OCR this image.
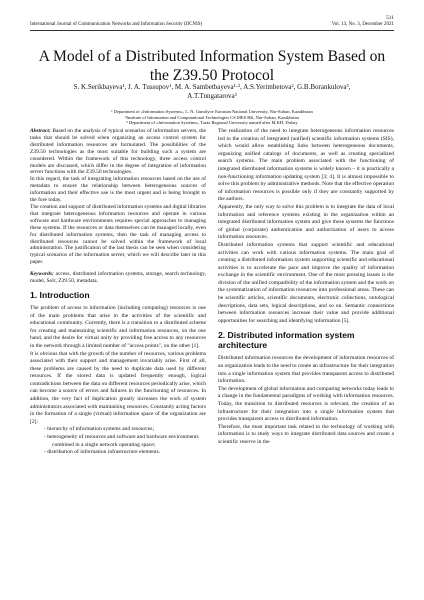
511
International Journal of Communication Networks and Information Security (IJCNIS)	Vol. 13, No. 3, December 2021
A Model of a Distributed Information System Based on the Z39.50 Protocol
S. K.Serikbayeva¹, J. A. Tussupov¹, M. A. Sambetbayeva¹·², A.S.Yerimbetova², G.B.Borankulova³,
A.T.Tungatarova³
¹ Department of «Information Systems», L. N. Gumilyov Eurasian National University, Nur-Sultan, Kazakhstan
²Institute of Information and Computational Technologies CS MES RK, Nur-Sultan, Kazakhstan
³ Department of «Information Systems», Taraz Regional University named after M.KH. Dulaty

Abstract: Based on the analysis of typical scenarios of information servers, the tasks that should be solved when organizing an access control system for distributed information resources are formulated. The possibilities of the Z39.50 technologies as the most suitable for building such a system are considered. Within the framework of this technology, three access control models are discussed, which differ in the degree of integration of information server functions with the Z39.50 technologies.

In this regard, the task of integrating information resources based on the use of metadata to ensure the relationship between heterogeneous sources of information and their effective use is the most urgent and is being brought to the fore today.

The creation and support of distributed information systems and digital libraries that integrate heterogeneous information resources and operate in various software and hardware environments requires special approaches to managing these systems. If the resources or data themselves can be managed locally, even for distributed information systems, then the task of managing access to distributed resources cannot be solved within the framework of local administration. The justification of the last thesis can be seen when considering typical scenarios of the information server, which we will describe later in this paper.

Keywords: access, distributed information systems, storage, search technology, model, Solr, Z39.50, metadata.

1. Introduction

The problem of access to information (including computing) resources is one of the main problems that arise in the activities of the scientific and educational community. Currently, there is a transition to a distributed scheme for creating and maintaining scientific and information resources, on the one hand, and the desire for virtual unity by providing free access to any resources in the network through a limited number of "access points", on the other [1].

It is obvious that with the growth of the number of resources, various problems associated with their support and management invariably arise. First of all, these problems are caused by the need to duplicate data used by different resources. If the stored data is updated frequently enough, logical contradictions between the data on different resources periodically arise, which can become a source of errors and failures in the functioning of resources. In addition, the very fact of duplication greatly increases the work of system administrators associated with maintaining resources. Constantly acting factors in the formation of a single (virtual) information space of the organization are [2]:

- hierarchy of information systems and resources;
- heterogeneity of resources and software and hardware environments combined in a single network operating space;
- distribution of information infrastructure elements.

The realization of the need to integrate heterogeneous information resources led to the creation of integrated (unified) scientific information systems (SIS), which would allow establishing links between heterogeneous documents, organizing unified catalogs of documents, as well as creating specialized search systems. The main problem associated with the functioning of integrated distributed information systems is widely known – it is practically a non-functioning information updating system [3; 4]. It is almost impossible to solve this problem by administrative methods. Note that the effective operation of information resources is possible only if they are constantly supported by the authors.

Apparently, the only way to solve this problem is to integrate the data of local information and reference systems existing in the organization within an integrated distributed information system and give these systems the functions of global (corporate) authentication and authorization of users to access information resources.

Distributed information systems that support scientific and educational activities can work with various information systems. The main goal of creating a distributed information system supporting scientific and educational activities is to accelerate the pace and improve the quality of information exchange in the scientific environment. One of the most pressing issues is the division of the unified compatibility of the information system and the work on the systematization of information resources into professional areas. These can be scientific articles, scientific documents, electronic collections, ontological descriptions, data sets, logical descriptions, and so on. Semantic connections between information resources increase their value and provide additional opportunities for searching and identifying information [5].

2. Distributed information system architecture

Distributed information resources the development of information resources of an organization leads to the need to create an infrastructure for their integration into a single information system that provides transparent access to distributed information.

The development of global information and computing networks today leads to a change in the fundamental paradigms of working with information resources. Today, the transition to distributed resources is relevant, the creation of an infrastructure for their integration into a single information system that provides transparent access to distributed information.

Therefore, the most important task related to the technology of working with information is to study ways to integrate distributed data sources and create a scientific reserve in the
